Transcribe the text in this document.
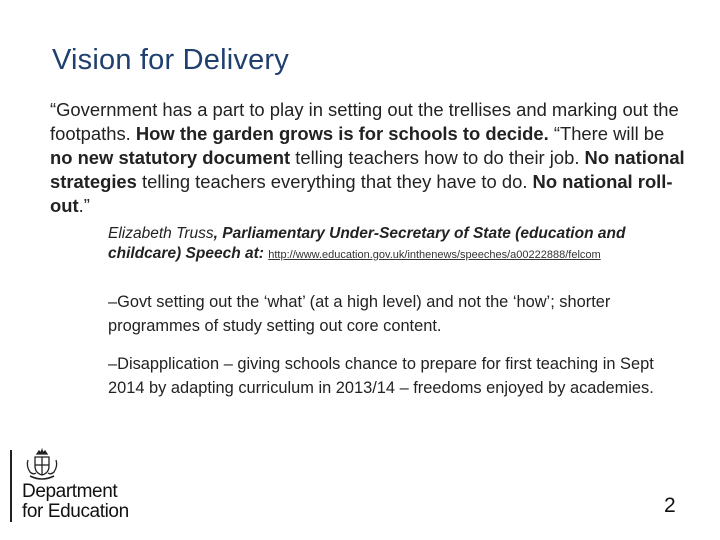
Vision for Delivery
“Government has a part to play in setting out the trellises and marking out the footpaths. How the garden grows is for schools to decide. “There will be no new statutory document telling teachers how to do their job. No national strategies telling teachers everything that they have to do. No national roll-out.”
Elizabeth Truss, Parliamentary Under-Secretary of State (education and childcare) Speech at: http://www.education.gov.uk/inthenews/speeches/a00222888/felcom
–Govt setting out the ‘what’ (at a high level) and not the ‘how’; shorter programmes of study setting out core content.
–Disapplication – giving schools chance to prepare for first teaching in Sept 2014 by adapting curriculum in 2013/14 – freedoms enjoyed by academies.
Department
for Education	2
